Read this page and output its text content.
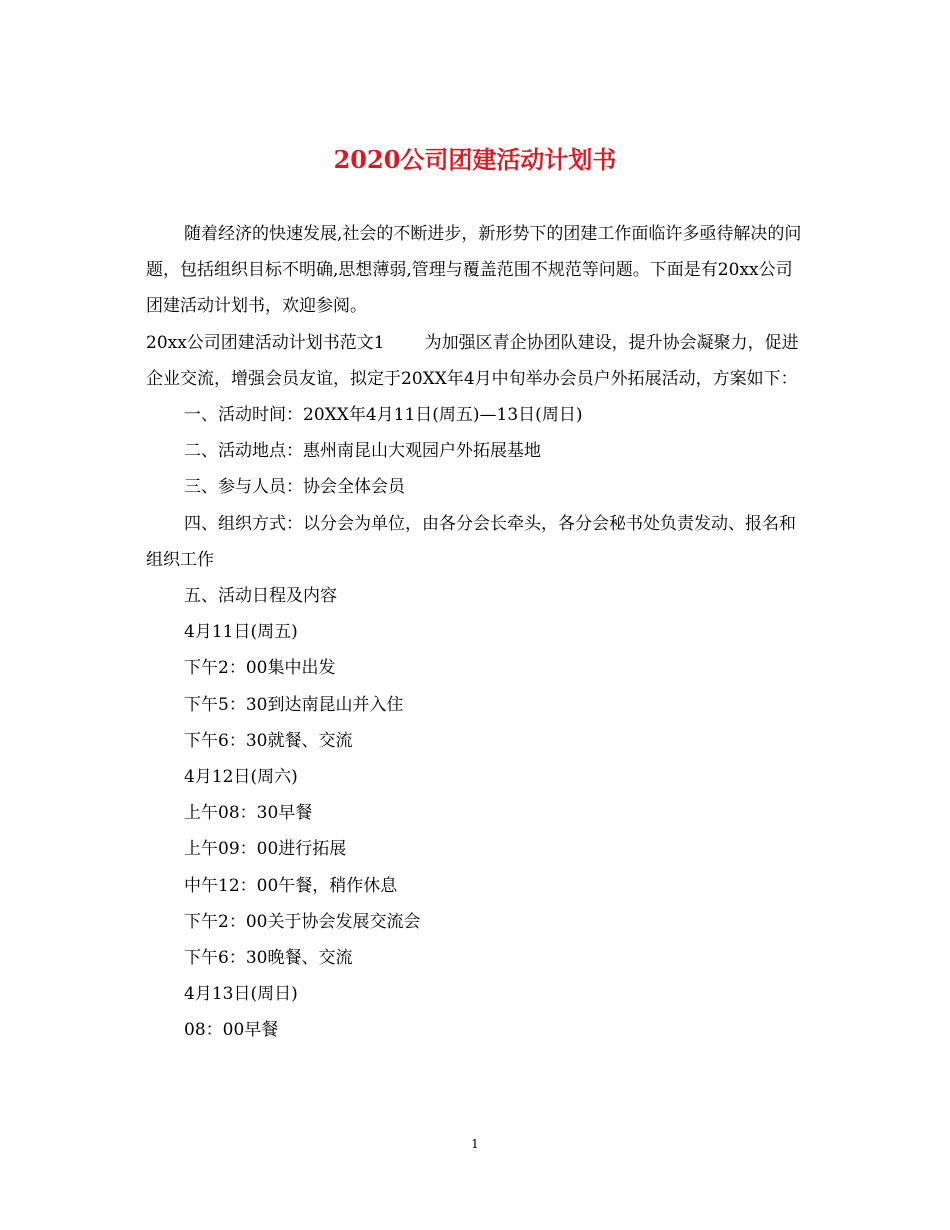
2020公司团建活动计划书

随着经济的快速发展,社会的不断进步，新形势下的团建工作面临许多亟待解决的问题，包括组织目标不明确,思想薄弱,管理与覆盖范围不规范等问题。下面是有20xx公司团建活动计划书，欢迎参阅。

20xx公司团建活动计划书范文1 为加强区青企协团队建设，提升协会凝聚力，促进企业交流，增强会员友谊，拟定于20XX年4月中旬举办会员户外拓展活动，方案如下：

一、活动时间：20XX年4月11日(周五)—13日(周日)

二、活动地点：惠州南昆山大观园户外拓展基地

三、参与人员：协会全体会员

四、组织方式：以分会为单位，由各分会长牵头，各分会秘书处负责发动、报名和组织工作

五、活动日程及内容

4月11日(周五)

下午2：00集中出发

下午5：30到达南昆山并入住

下午6：30就餐、交流

4月12日(周六)

上午08：30早餐

上午09：00进行拓展

中午12：00午餐，稍作休息

下午2：00关于协会发展交流会

下午6：30晚餐、交流

4月13日(周日)

08：00早餐

1
